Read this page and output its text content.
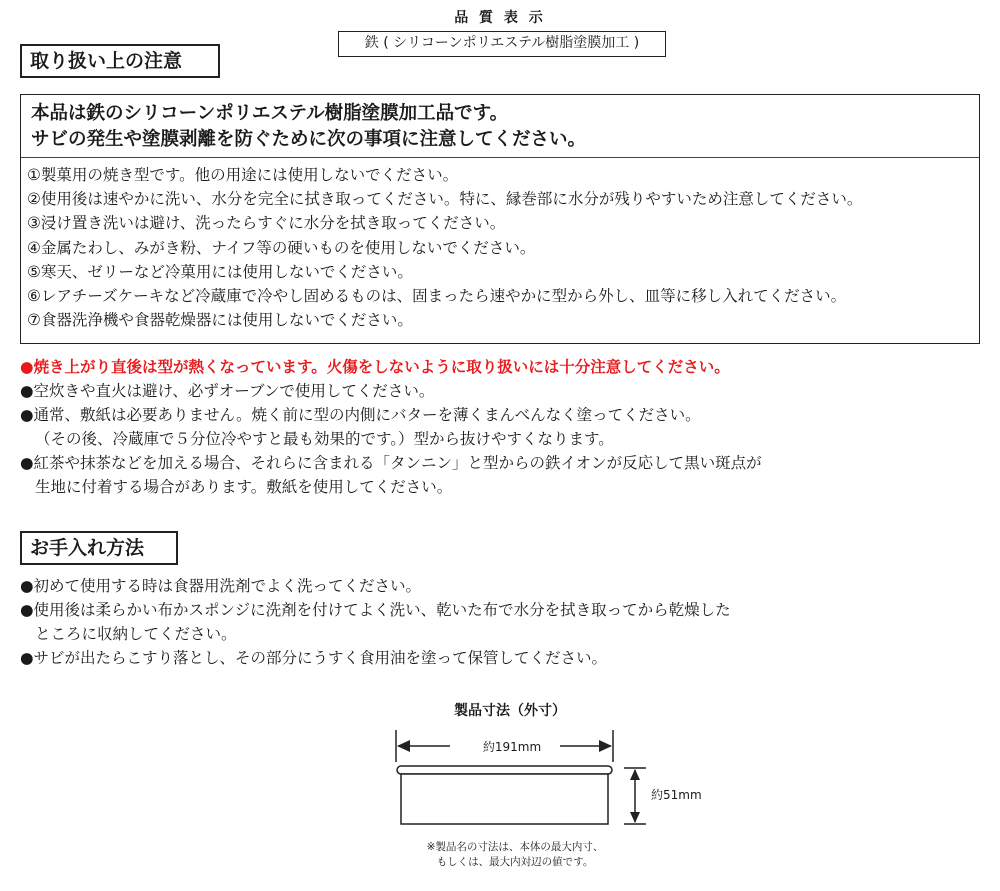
品 質 表 示
鉄 ( シリコーンポリエステル樹脂塗膜加工 )
取り扱い上の注意
本品は鉄のシリコーンポリエステル樹脂塗膜加工品です。
サビの発生や塗膜剥離を防ぐために次の事項に注意してください。
①製菓用の焼き型です。他の用途には使用しないでください。
②使用後は速やかに洗い、水分を完全に拭き取ってください。特に、縁巻部に水分が残りやすいため注意してください。
③浸け置き洗いは避け、洗ったらすぐに水分を拭き取ってください。
④金属たわし、みがき粉、ナイフ等の硬いものを使用しないでください。
⑤寒天、ゼリーなど冷菓用には使用しないでください。
⑥レアチーズケーキなど冷蔵庫で冷やし固めるものは、固まったら速やかに型から外し、皿等に移し入れてください。
⑦食器洗浄機や食器乾燥器には使用しないでください。
●焼き上がり直後は型が熱くなっています。火傷をしないように取り扱いには十分注意してください。
●空炊きや直火は避け、必ずオーブンで使用してください。
●通常、敷紙は必要ありません。焼く前に型の内側にバターを薄くまんべんなく塗ってください。
（その後、冷蔵庫で５分位冷やすと最も効果的です。）型から抜けやすくなります。
●紅茶や抹茶などを加える場合、それらに含まれる「タンニン」と型からの鉄イオンが反応して黒い斑点が
生地に付着する場合があります。敷紙を使用してください。
お手入れ方法
●初めて使用する時は食器用洗剤でよく洗ってください。
●使用後は柔らかい布かスポンジに洗剤を付けてよく洗い、乾いた布で水分を拭き取ってから乾燥した
ところに収納してください。
●サビが出たらこすり落とし、その部分にうすく食用油を塗って保管してください。
製品寸法（外寸）
約191mm
約51mm
※製品名の寸法は、本体の最大内寸、
もしくは、最大内対辺の値です。
